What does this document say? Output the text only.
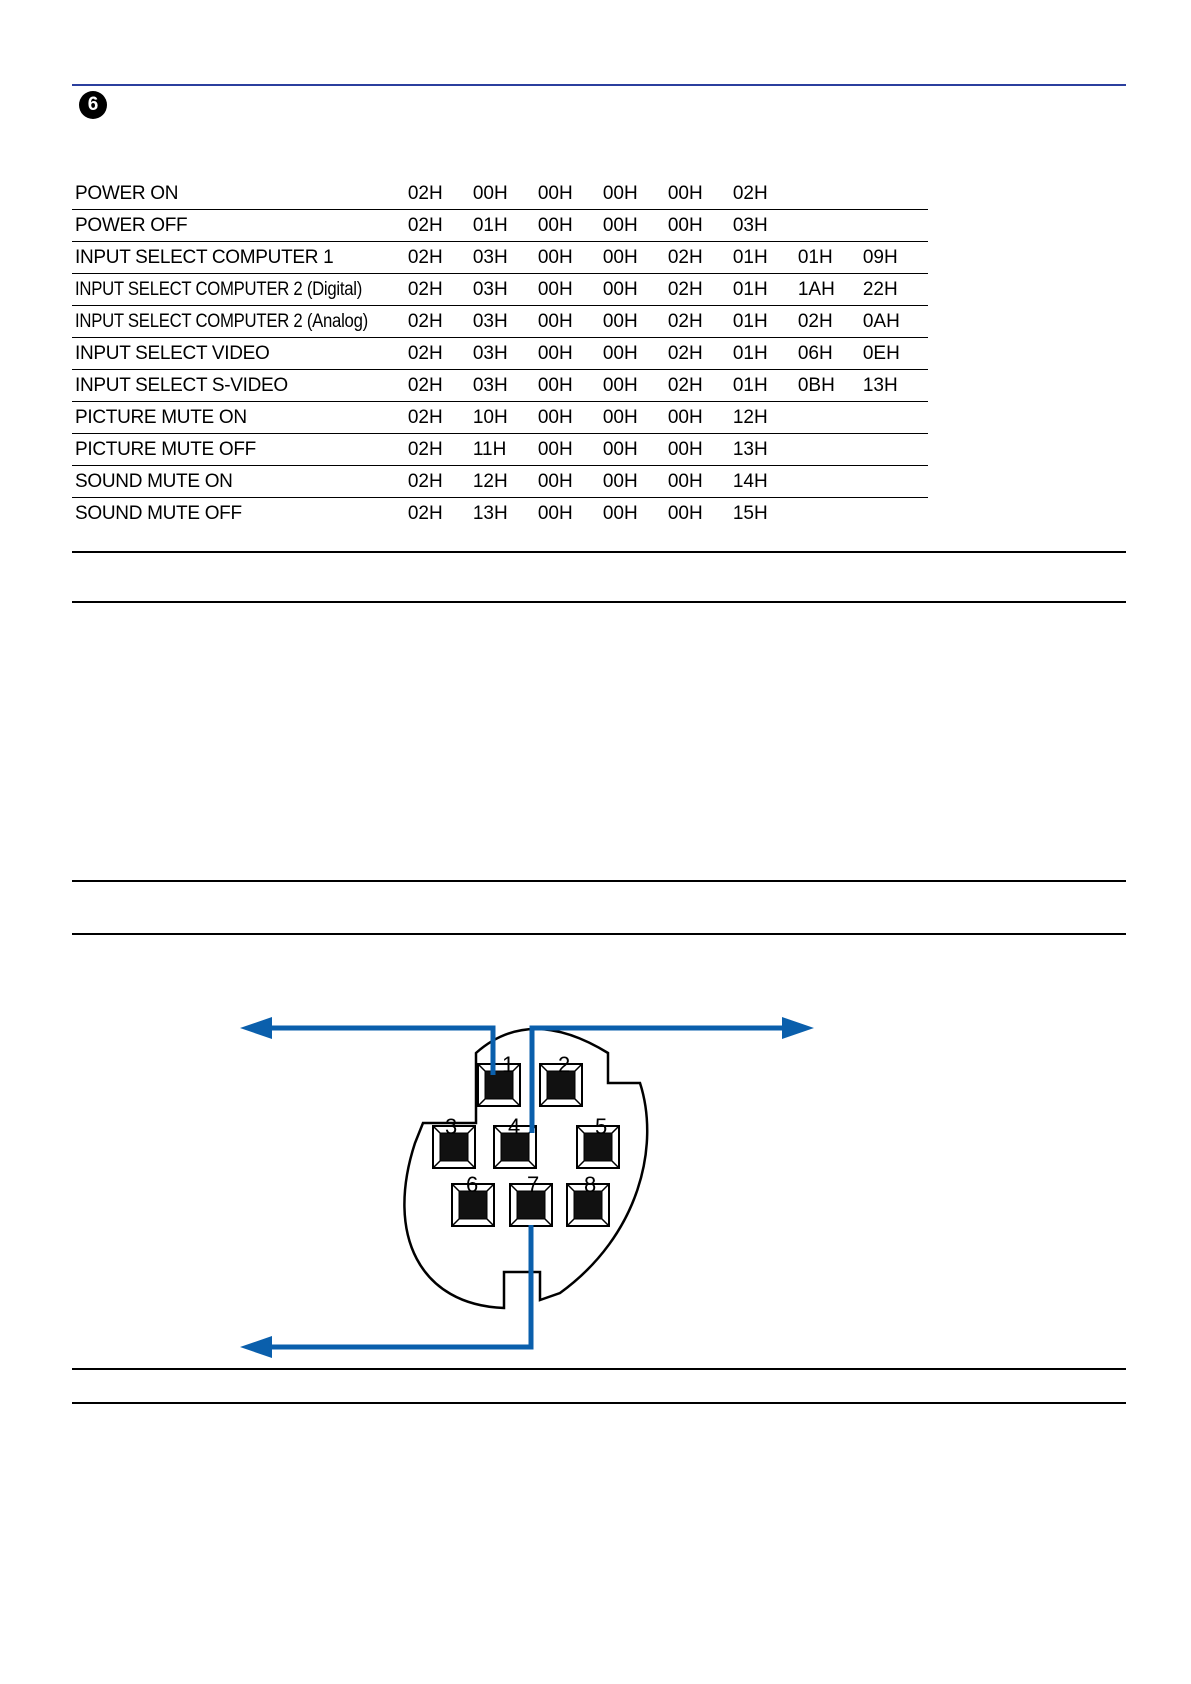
6
POWER ON	02H	00H	00H	00H	00H	02H		
POWER OFF	02H	01H	00H	00H	00H	03H		
INPUT SELECT COMPUTER 1	02H	03H	00H	00H	02H	01H	01H	09H
INPUT SELECT COMPUTER 2 (Digital)	02H	03H	00H	00H	02H	01H	1AH	22H
INPUT SELECT COMPUTER 2 (Analog)	02H	03H	00H	00H	02H	01H	02H	0AH
INPUT SELECT VIDEO	02H	03H	00H	00H	02H	01H	06H	0EH
INPUT SELECT S-VIDEO	02H	03H	00H	00H	02H	01H	0BH	13H
PICTURE MUTE ON	02H	10H	00H	00H	00H	12H		
PICTURE MUTE OFF	02H	11H	00H	00H	00H	13H		
SOUND MUTE ON	02H	12H	00H	00H	00H	14H		
SOUND MUTE OFF	02H	13H	00H	00H	00H	15H		
1 2
3 4	5
6 7 8
